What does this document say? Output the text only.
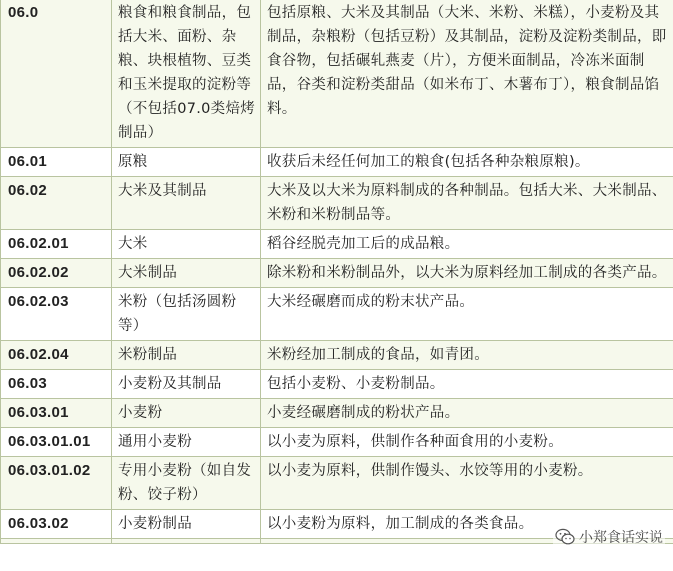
06.0	粮食和粮食制品，包括大米、面粉、杂粮、块根植物、豆类和玉米提取的淀粉等（不包括07.0类焙烤制品）	包括原粮、大米及其制品（大米、米粉、米糕），小麦粉及其制品，杂粮粉（包括豆粉）及其制品，淀粉及淀粉类制品，即食谷物，包括碾轧燕麦（片），方便米面制品，冷冻米面制品，谷类和淀粉类甜品（如米布丁、木薯布丁），粮食制品馅料。
06.01	原粮	收获后未经任何加工的粮食(包括各种杂粮原粮)。
06.02	大米及其制品	大米及以大米为原料制成的各种制品。包括大米、大米制品、米粉和米粉制品等。
06.02.01	大米	稻谷经脱壳加工后的成品粮。
06.02.02	大米制品	除米粉和米粉制品外，以大米为原料经加工制成的各类产品。
06.02.03	米粉（包括汤圆粉等）	大米经碾磨而成的粉末状产品。
06.02.04	米粉制品	米粉经加工制成的食品，如青团。
06.03	小麦粉及其制品	包括小麦粉、小麦粉制品。
06.03.01	小麦粉	小麦经碾磨制成的粉状产品。
06.03.01.01	通用小麦粉	以小麦为原料，供制作各种面食用的小麦粉。
06.03.01.02	专用小麦粉（如自发粉、饺子粉）	以小麦为原料，供制作馒头、水饺等用的小麦粉。
06.03.02	小麦粉制品	以小麦粉为原料，加工制成的各类食品。

小郑食话实说
